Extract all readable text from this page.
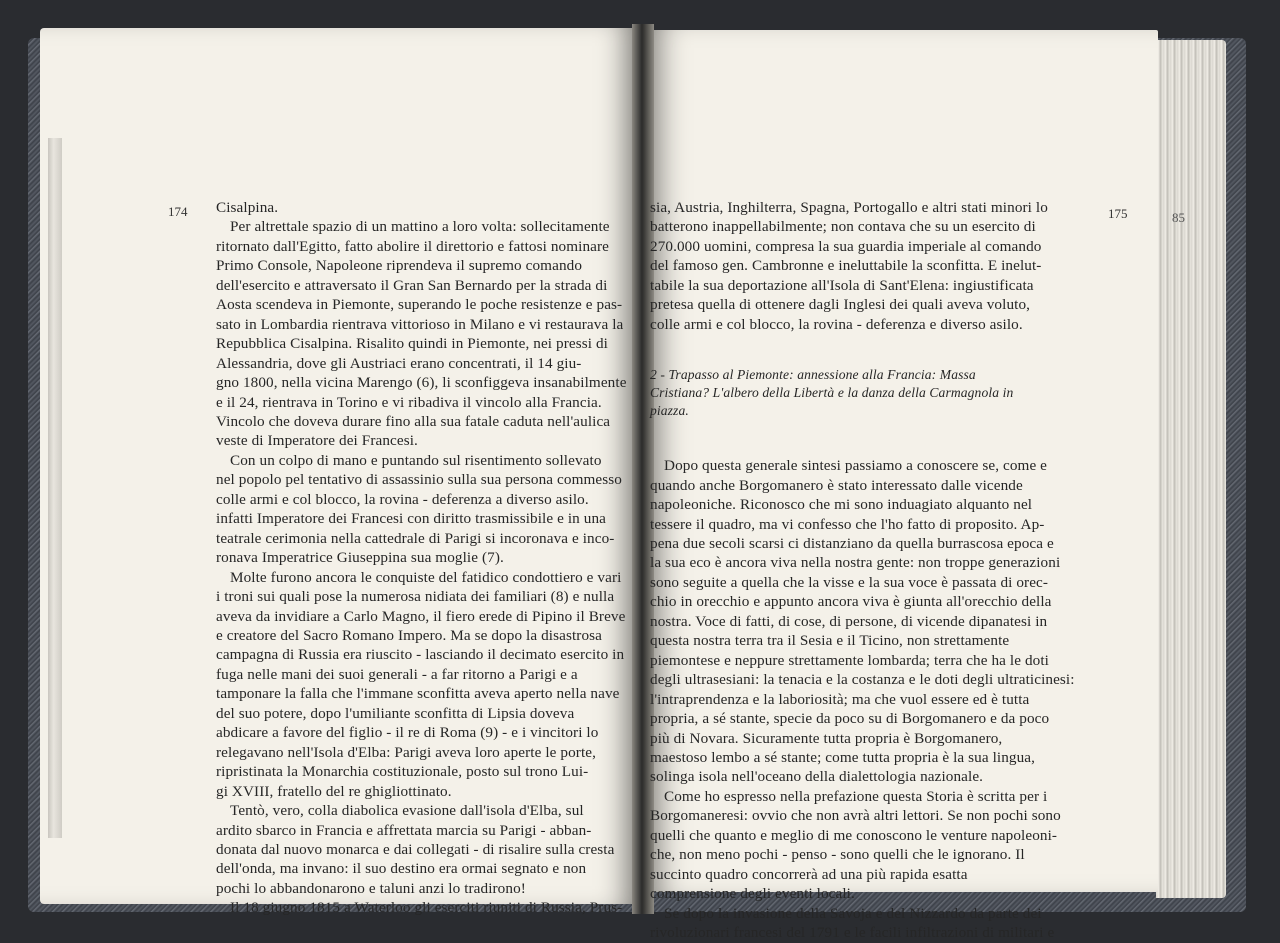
174	175	85

Cisalpina.

Per altrettale spazio di un mattino a loro volta: sollecitamente

ritornato dall'Egitto, fatto abolire il direttorio e fattosi nominare

Primo Console, Napoleone riprendeva il supremo comando

dell'esercito e attraversato il Gran San Bernardo per la strada di

Aosta scendeva in Piemonte, superando le poche resistenze e pas-

sato in Lombardia rientrava vittorioso in Milano e vi restaurava la

Repubblica Cisalpina. Risalito quindi in Piemonte, nei pressi di

Alessandria, dove gli Austriaci erano concentrati, il 14 giu-

gno 1800, nella vicina Marengo (6), li sconfiggeva insanabilmente

e il 24, rientrava in Torino e vi ribadiva il vincolo alla Francia.

Vincolo che doveva durare fino alla sua fatale caduta nell'aulica

veste di Imperatore dei Francesi.

Con un colpo di mano e puntando sul risentimento sollevato

nel popolo pel tentativo di assassinio sulla sua persona commesso

colle armi e col blocco, la rovina - deferenza a diverso asilo.

infatti Imperatore dei Francesi con diritto trasmissibile e in una

teatrale cerimonia nella cattedrale di Parigi si incoronava e inco-

ronava Imperatrice Giuseppina sua moglie (7).

Molte furono ancora le conquiste del fatidico condottiero e vari

i troni sui quali pose la numerosa nidiata dei familiari (8) e nulla

aveva da invidiare a Carlo Magno, il fiero erede di Pipino il Breve

e creatore del Sacro Romano Impero. Ma se dopo la disastrosa

campagna di Russia era riuscito - lasciando il decimato esercito in

fuga nelle mani dei suoi generali - a far ritorno a Parigi e a

tamponare la falla che l'immane sconfitta aveva aperto nella nave

del suo potere, dopo l'umiliante sconfitta di Lipsia doveva

abdicare a favore del figlio - il re di Roma (9) - e i vincitori lo

relegavano nell'Isola d'Elba: Parigi aveva loro aperte le porte,

ripristinata la Monarchia costituzionale, posto sul trono Lui-

gi XVIII, fratello del re ghigliottinato.

Tentò, vero, colla diabolica evasione dall'isola d'Elba, sul

ardito sbarco in Francia e affrettata marcia su Parigi - abban-

donata dal nuovo monarca e dai collegati - di risalire sulla cresta

dell'onda, ma invano: il suo destino era ormai segnato e non

pochi lo abbandonarono e taluni anzi lo tradirono!

Il 18 giugno 1815 a Waterloo gli eserciti riuniti di Russia, Prus-

sia, Austria, Inghilterra, Spagna, Portogallo e altri stati minori lo

batterono inappellabilmente; non contava che su un esercito di

270.000 uomini, compresa la sua guardia imperiale al comando

del famoso gen. Cambronne e ineluttabile la sconfitta. E inelut-

tabile la sua deportazione all'Isola di Sant'Elena: ingiustificata

pretesa quella di ottenere dagli Inglesi dei quali aveva voluto,

colle armi e col blocco, la rovina - deferenza e diverso asilo.

2 - Trapasso al Piemonte: annessione alla Francia: Massa

Cristiana? L'albero della Libertà e la danza della Carmagnola in

piazza.

Dopo questa generale sintesi passiamo a conoscere se, come e

quando anche Borgomanero è stato interessato dalle vicende

napoleoniche. Riconosco che mi sono induagiato alquanto nel

tessere il quadro, ma vi confesso che l'ho fatto di proposito. Ap-

pena due secoli scarsi ci distanziano da quella burrascosa epoca e

la sua eco è ancora viva nella nostra gente: non troppe generazioni

sono seguite a quella che la visse e la sua voce è passata di orec-

chio in orecchio e appunto ancora viva è giunta all'orecchio della

nostra. Voce di fatti, di cose, di persone, di vicende dipanatesi in

questa nostra terra tra il Sesia e il Ticino, non strettamente

piemontese e neppure strettamente lombarda; terra che ha le doti

degli ultrasesiani: la tenacia e la costanza e le doti degli ultraticinesi:

l'intraprendenza e la laboriosità; ma che vuol essere ed è tutta

propria, a sé stante, specie da poco su di Borgomanero e da poco

più di Novara. Sicuramente tutta propria è Borgomanero,

maestoso lembo a sé stante; come tutta propria è la sua lingua,

solinga isola nell'oceano della dialettologia nazionale.

Come ho espresso nella prefazione questa Storia è scritta per i

Borgomaneresi: ovvio che non avrà altri lettori. Se non pochi sono

quelli che quanto e meglio di me conoscono le venture napoleoni-

che, non meno pochi - penso - sono quelli che le ignorano. Il

succinto quadro concorrerà ad una più rapida esatta

comprensione degli eventi locali.

Se dopo la invasione della Savoja e del Nizzardo da parte dei

rivoluzionari francesi del 1791 e le facili infiltrazioni di militari e
